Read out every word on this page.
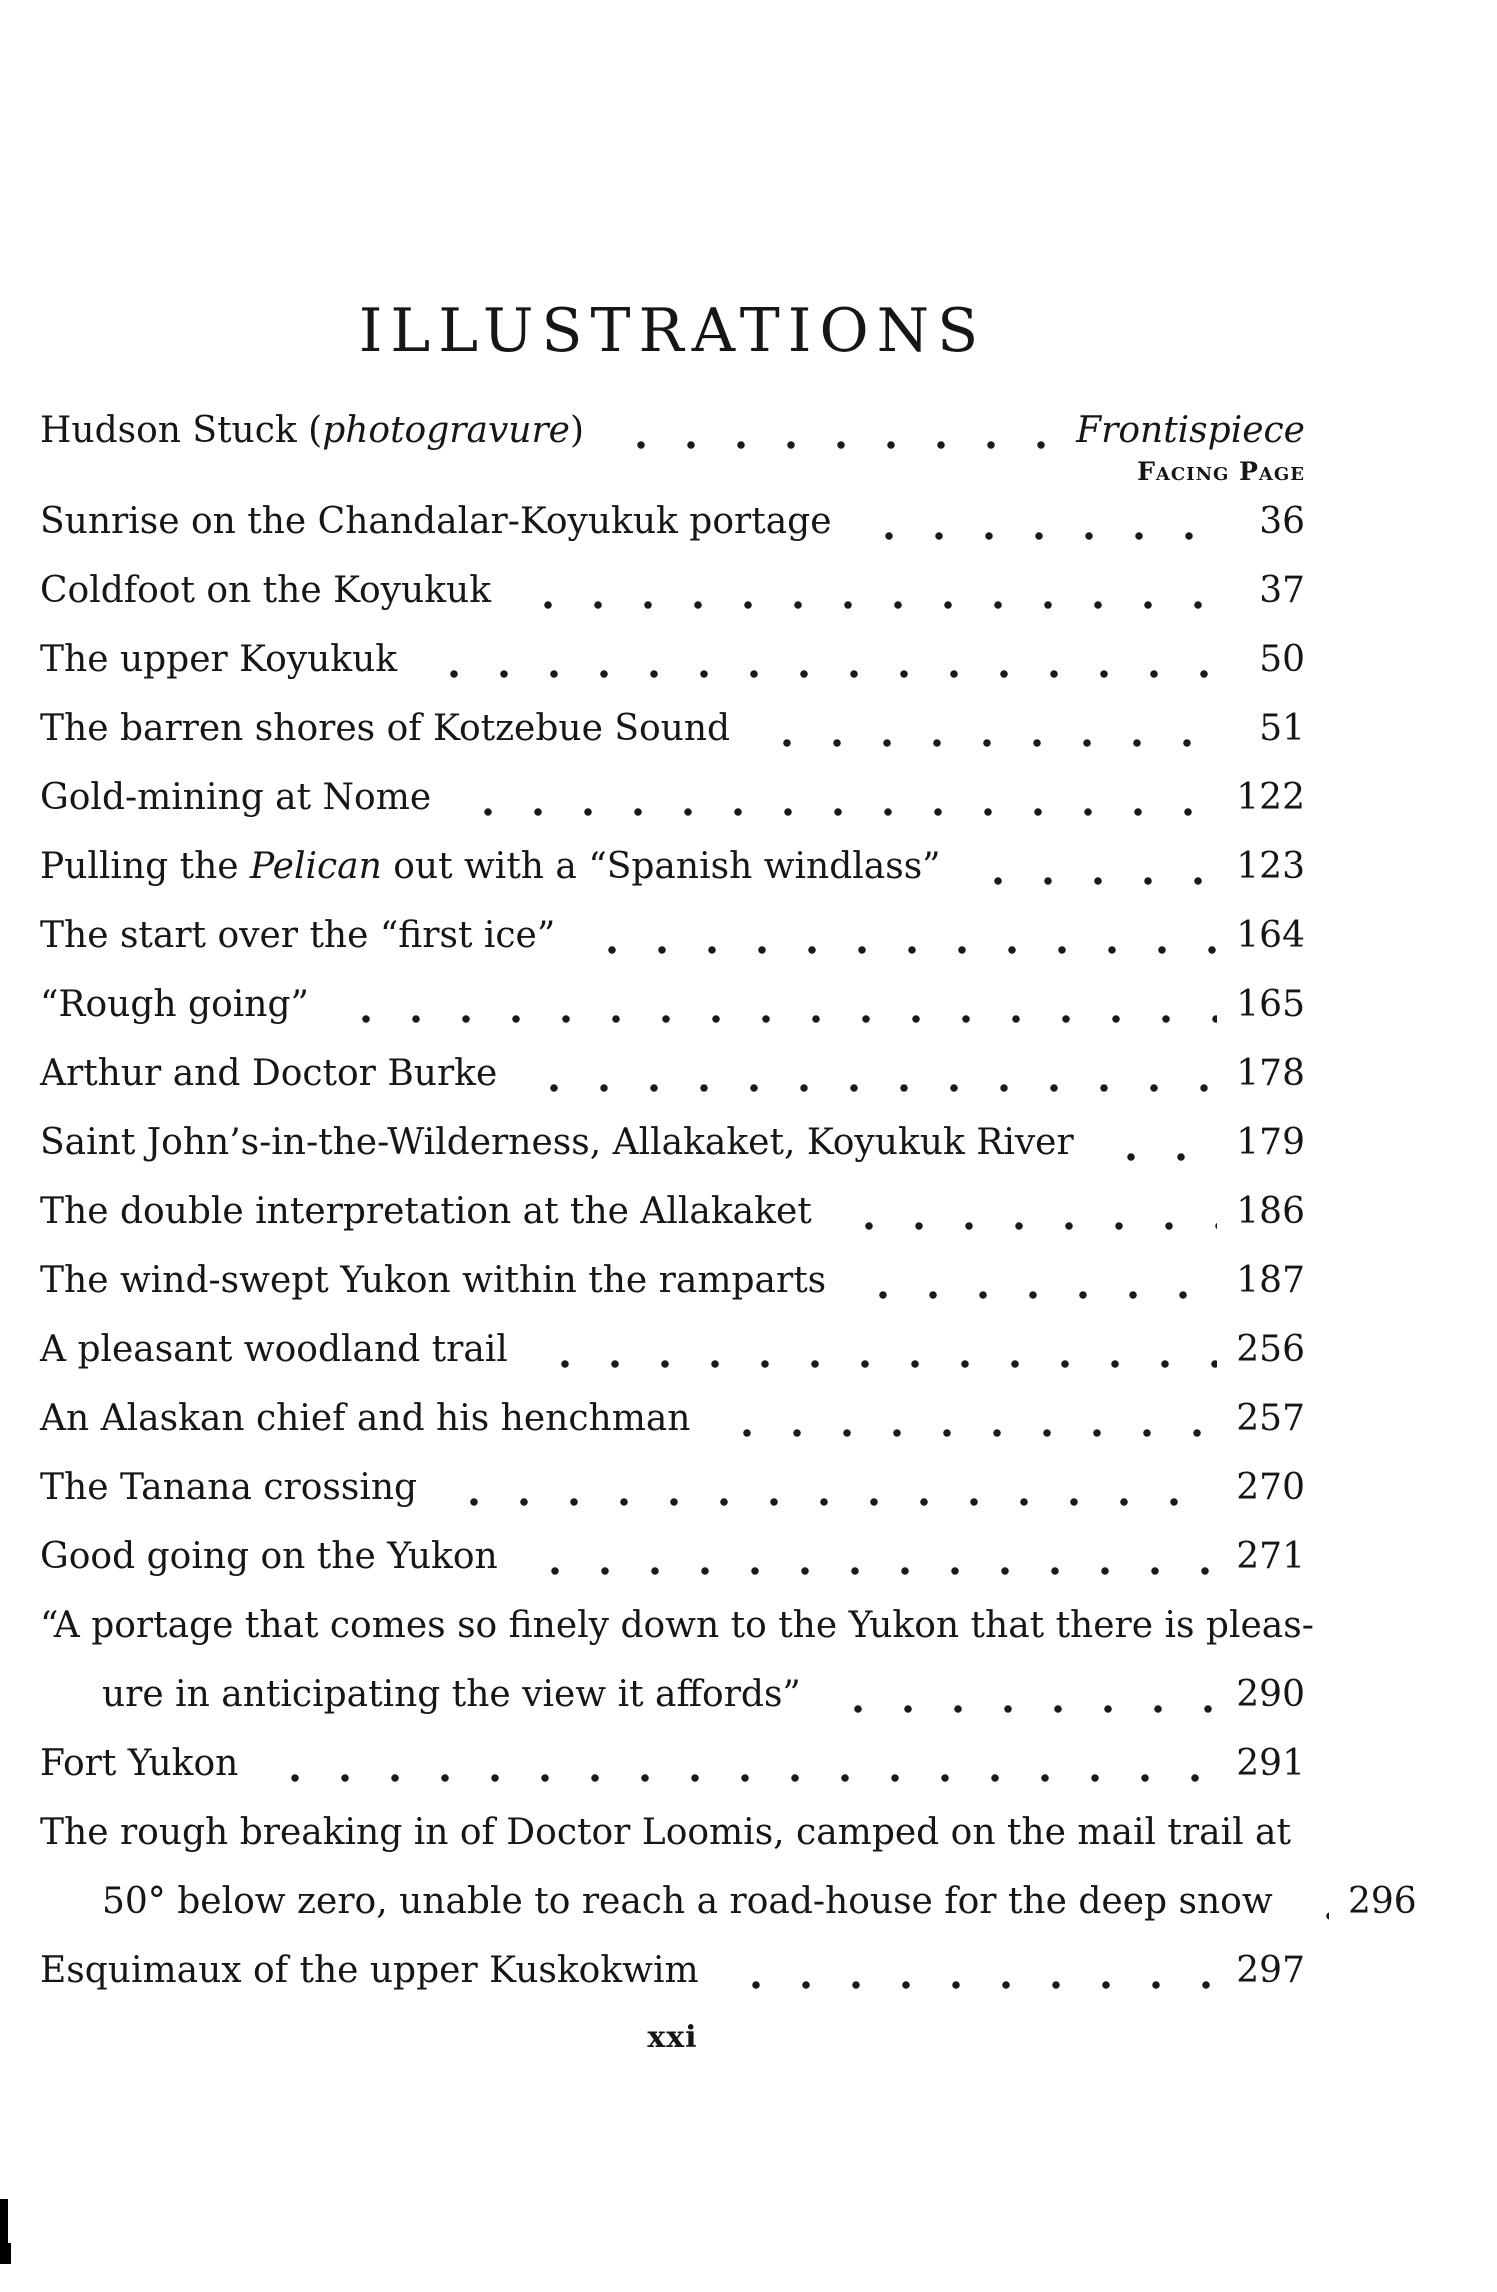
ILLUSTRATIONS
Hudson Stuck (photogravure)	Frontispiece
Facing Page
Sunrise on the Chandalar-Koyukuk portage	36
Coldfoot on the Koyukuk	37
The upper Koyukuk	50
The barren shores of Kotzebue Sound	51
Gold-mining at Nome	122
Pulling the Pelican out with a “Spanish windlass”	123
The start over the “first ice”	164
“Rough going”	165
Arthur and Doctor Burke	178
Saint John’s-in-the-Wilderness, Allakaket, Koyukuk River	179
The double interpretation at the Allakaket	186
The wind-swept Yukon within the ramparts	187
A pleasant woodland trail	256
An Alaskan chief and his henchman	257
The Tanana crossing	270
Good going on the Yukon	271
“A portage that comes so finely down to the Yukon that there is pleas-
ure in anticipating the view it affords”	290
Fort Yukon	291
The rough breaking in of Doctor Loomis, camped on the mail trail at
50° below zero, unable to reach a road-house for the deep snow 296
Esquimaux of the upper Kuskokwim	297
xxi
